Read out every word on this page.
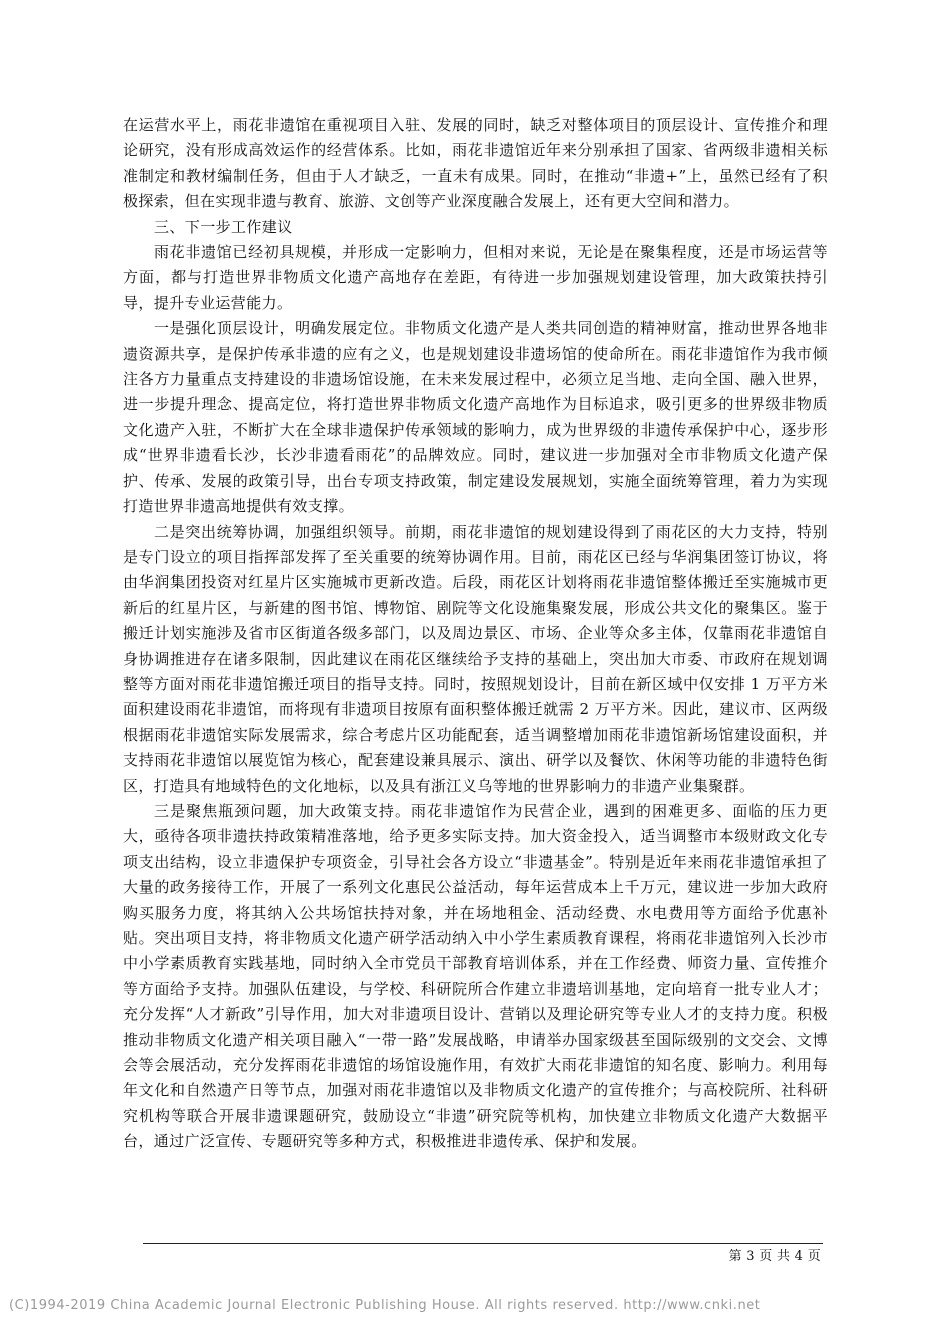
在运营水平上，雨花非遗馆在重视项目入驻、发展的同时，缺乏对整体项目的顶层设计、宣传推介和理论研究，没有形成高效运作的经营体系。比如，雨花非遗馆近年来分别承担了国家、省两级非遗相关标准制定和教材编制任务，但由于人才缺乏，一直未有成果。同时，在推动“非遗+”上，虽然已经有了积极探索，但在实现非遗与教育、旅游、文创等产业深度融合发展上，还有更大空间和潜力。

三、下一步工作建议

雨花非遗馆已经初具规模，并形成一定影响力，但相对来说，无论是在聚集程度，还是市场运营等方面，都与打造世界非物质文化遗产高地存在差距，有待进一步加强规划建设管理，加大政策扶持引导，提升专业运营能力。

一是强化顶层设计，明确发展定位。非物质文化遗产是人类共同创造的精神财富，推动世界各地非遗资源共享，是保护传承非遗的应有之义，也是规划建设非遗场馆的使命所在。雨花非遗馆作为我市倾注各方力量重点支持建设的非遗场馆设施，在未来发展过程中，必须立足当地、走向全国、融入世界，进一步提升理念、提高定位，将打造世界非物质文化遗产高地作为目标追求，吸引更多的世界级非物质文化遗产入驻，不断扩大在全球非遗保护传承领域的影响力，成为世界级的非遗传承保护中心，逐步形成“世界非遗看长沙，长沙非遗看雨花”的品牌效应。同时，建议进一步加强对全市非物质文化遗产保护、传承、发展的政策引导，出台专项支持政策，制定建设发展规划，实施全面统筹管理，着力为实现打造世界非遗高地提供有效支撑。

二是突出统筹协调，加强组织领导。前期，雨花非遗馆的规划建设得到了雨花区的大力支持，特别是专门设立的项目指挥部发挥了至关重要的统筹协调作用。目前，雨花区已经与华润集团签订协议，将由华润集团投资对红星片区实施城市更新改造。后段，雨花区计划将雨花非遗馆整体搬迁至实施城市更新后的红星片区，与新建的图书馆、博物馆、剧院等文化设施集聚发展，形成公共文化的聚集区。鉴于搬迁计划实施涉及省市区街道各级多部门，以及周边景区、市场、企业等众多主体，仅靠雨花非遗馆自身协调推进存在诸多限制，因此建议在雨花区继续给予支持的基础上，突出加大市委、市政府在规划调整等方面对雨花非遗馆搬迁项目的指导支持。同时，按照规划设计，目前在新区域中仅安排 1 万平方米面积建设雨花非遗馆，而将现有非遗项目按原有面积整体搬迁就需 2 万平方米。因此，建议市、区两级根据雨花非遗馆实际发展需求，综合考虑片区功能配套，适当调整增加雨花非遗馆新场馆建设面积，并支持雨花非遗馆以展览馆为核心，配套建设兼具展示、演出、研学以及餐饮、休闲等功能的非遗特色街区，打造具有地域特色的文化地标，以及具有浙江义乌等地的世界影响力的非遗产业集聚群。

三是聚焦瓶颈问题，加大政策支持。雨花非遗馆作为民营企业，遇到的困难更多、面临的压力更大，亟待各项非遗扶持政策精准落地，给予更多实际支持。加大资金投入，适当调整市本级财政文化专项支出结构，设立非遗保护专项资金，引导社会各方设立“非遗基金”。特别是近年来雨花非遗馆承担了大量的政务接待工作，开展了一系列文化惠民公益活动，每年运营成本上千万元，建议进一步加大政府购买服务力度，将其纳入公共场馆扶持对象，并在场地租金、活动经费、水电费用等方面给予优惠补贴。突出项目支持，将非物质文化遗产研学活动纳入中小学生素质教育课程，将雨花非遗馆列入长沙市中小学素质教育实践基地，同时纳入全市党员干部教育培训体系，并在工作经费、师资力量、宣传推介等方面给予支持。加强队伍建设，与学校、科研院所合作建立非遗培训基地，定向培育一批专业人才；充分发挥“人才新政”引导作用，加大对非遗项目设计、营销以及理论研究等专业人才的支持力度。积极推动非物质文化遗产相关项目融入“一带一路”发展战略，申请举办国家级甚至国际级别的文交会、文博会等会展活动，充分发挥雨花非遗馆的场馆设施作用，有效扩大雨花非遗馆的知名度、影响力。利用每年文化和自然遗产日等节点，加强对雨花非遗馆以及非物质文化遗产的宣传推介；与高校院所、社科研究机构等联合开展非遗课题研究，鼓励设立“非遗”研究院等机构，加快建立非物质文化遗产大数据平台，通过广泛宣传、专题研究等多种方式，积极推进非遗传承、保护和发展。

第 3 页 共 4 页
(C)1994-2019 China Academic Journal Electronic Publishing House. All rights reserved. http://www.cnki.net
